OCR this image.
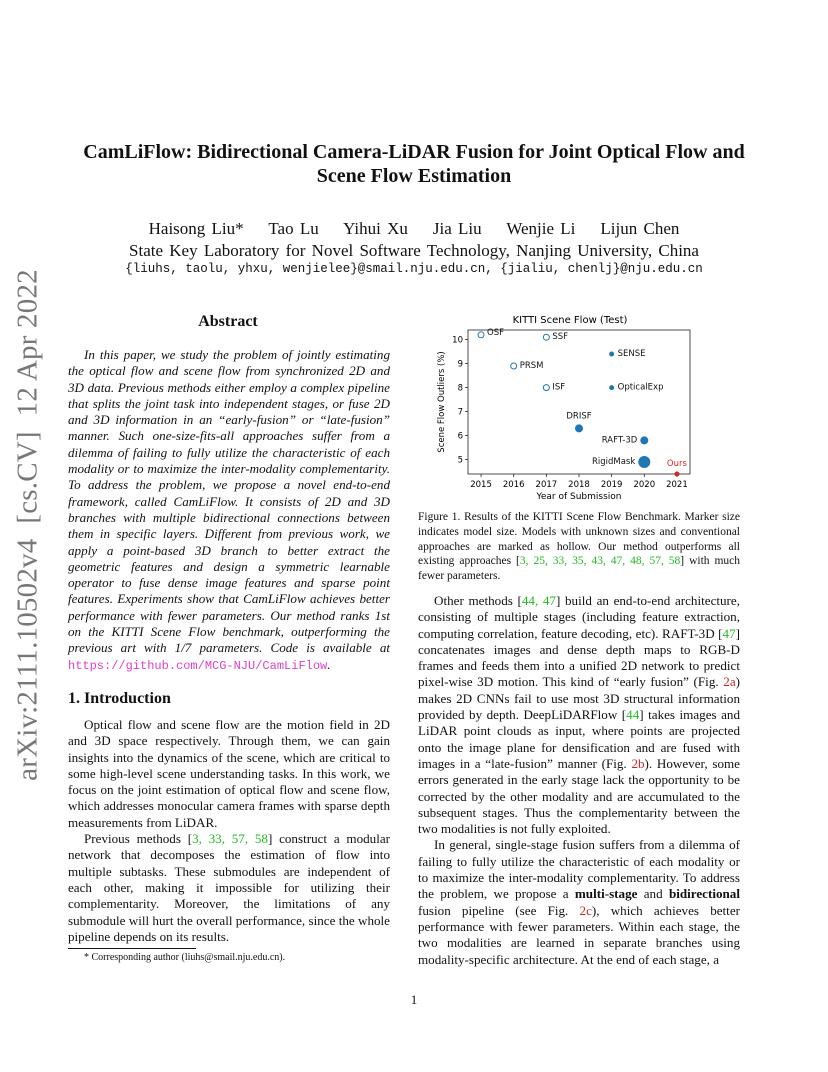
CamLiFlow: Bidirectional Camera-LiDAR Fusion for Joint Optical Flow and
Scene Flow Estimation
Haisong Liu*    Tao Lu    Yihui Xu    Jia Liu    Wenjie Li    Lijun Chen
State Key Laboratory for Novel Software Technology, Nanjing University, China
{liuhs, taolu, yhxu, wenjielee}@smail.nju.edu.cn, {jialiu, chenlj}@nju.edu.cn
arXiv:2111.10502v4  [cs.CV]  12 Apr 2022	Abstract

In this paper, we study the problem of jointly estimating the optical flow and scene flow from synchronized 2D and 3D data. Previous methods either employ a complex pipeline that splits the joint task into independent stages, or fuse 2D and 3D information in an “early-fusion” or “late-fusion” manner. Such one-size-fits-all approaches suffer from a dilemma of failing to fully utilize the characteristic of each modality or to maximize the inter-modality complementarity. To address the problem, we propose a novel end-to-end framework, called CamLiFlow. It consists of 2D and 3D branches with multiple bidirectional connections between them in specific layers. Different from previous work, we apply a point-based 3D branch to better extract the geometric features and design a symmetric learnable operator to fuse dense image features and sparse point features. Experiments show that CamLiFlow achieves better performance with fewer parameters. Our method ranks 1st on the KITTI Scene Flow benchmark, outperforming the previous art with 1/7 parameters. Code is available at https://github.com/MCG-NJU/CamLiFlow.

1. Introduction

Optical flow and scene flow are the motion field in 2D and 3D space respectively. Through them, we can gain insights into the dynamics of the scene, which are critical to some high-level scene understanding tasks. In this work, we focus on the joint estimation of optical flow and scene flow, which addresses monocular camera frames with sparse depth measurements from LiDAR.

Previous methods [3, 33, 57, 58] construct a modular network that decomposes the estimation of flow into multiple subtasks. These submodules are independent of each other, making it impossible for utilizing their complementarity. Moreover, the limitations of any submodule will hurt the overall performance, since the whole pipeline depends on its results.

* Corresponding author (liuhs@smail.nju.edu.cn).
KITTI Scene Flow (Test)
Scene Flow Outliers (%)
Year of Submission
2015 2016 2017 2018 2019 2020 2021
5
6
7
8
9
10
OSF	SSF
PRSM
ISF
SENSE
OpticalExp
DRISF
RAFT-3D
RigidMask	Ours
Figure 1. Results of the KITTI Scene Flow Benchmark. Marker size indicates model size. Models with unknown sizes and conventional approaches are marked as hollow. Our method outperforms all existing approaches [3, 25, 33, 35, 43, 47, 48, 57, 58] with much fewer parameters.

Other methods [44, 47] build an end-to-end architecture, consisting of multiple stages (including feature extraction, computing correlation, feature decoding, etc). RAFT-3D [47] concatenates images and dense depth maps to RGB-D frames and feeds them into a unified 2D network to predict pixel-wise 3D motion. This kind of “early fusion” (Fig. 2a) makes 2D CNNs fail to use most 3D structural information provided by depth. DeepLiDARFlow [44] takes images and LiDAR point clouds as input, where points are projected onto the image plane for densification and are fused with images in a “late-fusion” manner (Fig. 2b). However, some errors generated in the early stage lack the opportunity to be corrected by the other modality and are accumulated to the subsequent stages. Thus the complementarity between the two modalities is not fully exploited.

In general, single-stage fusion suffers from a dilemma of failing to fully utilize the characteristic of each modality or to maximize the inter-modality complementarity. To address the problem, we propose a multi-stage and bidirectional fusion pipeline (see Fig. 2c), which achieves better performance with fewer parameters. Within each stage, the two modalities are learned in separate branches using modality-specific architecture. At the end of each stage, a

1
